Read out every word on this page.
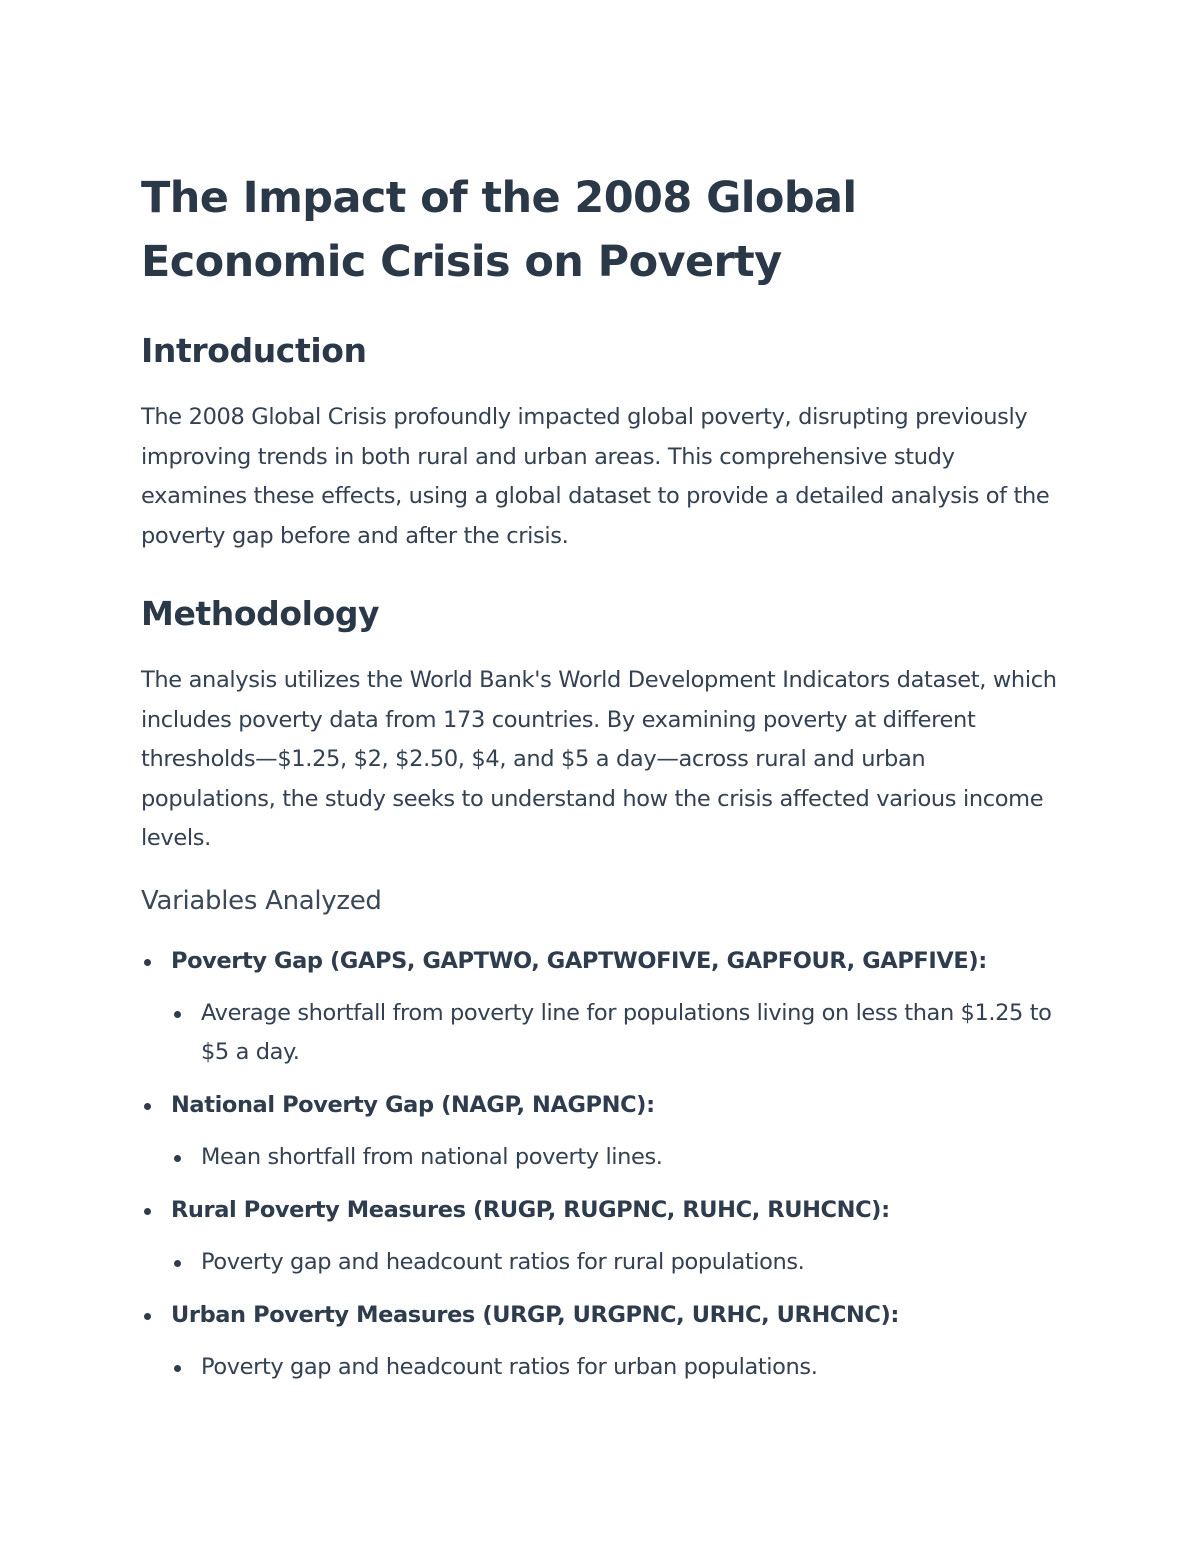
The Impact of the 2008 Global Economic Crisis on Poverty
Introduction

The 2008 Global Crisis profoundly impacted global poverty, disrupting previously improving trends in both rural and urban areas. This comprehensive study examines these effects, using a global dataset to provide a detailed analysis of the poverty gap before and after the crisis.

Methodology

The analysis utilizes the World Bank's World Development Indicators dataset, which includes poverty data from 173 countries. By examining poverty at different thresholds—$1.25, $2, $2.50, $4, and $5 a day—across rural and urban populations, the study seeks to understand how the crisis affected various income levels.

Variables Analyzed
Poverty Gap (GAPS, GAPTWO, GAPTWOFIVE, GAPFOUR, GAPFIVE):
Average shortfall from poverty line for populations living on less than $1.25 to $5 a day.
National Poverty Gap (NAGP, NAGPNC):
Mean shortfall from national poverty lines.
Rural Poverty Measures (RUGP, RUGPNC, RUHC, RUHCNC):
Poverty gap and headcount ratios for rural populations.
Urban Poverty Measures (URGP, URGPNC, URHC, URHCNC):
Poverty gap and headcount ratios for urban populations.
